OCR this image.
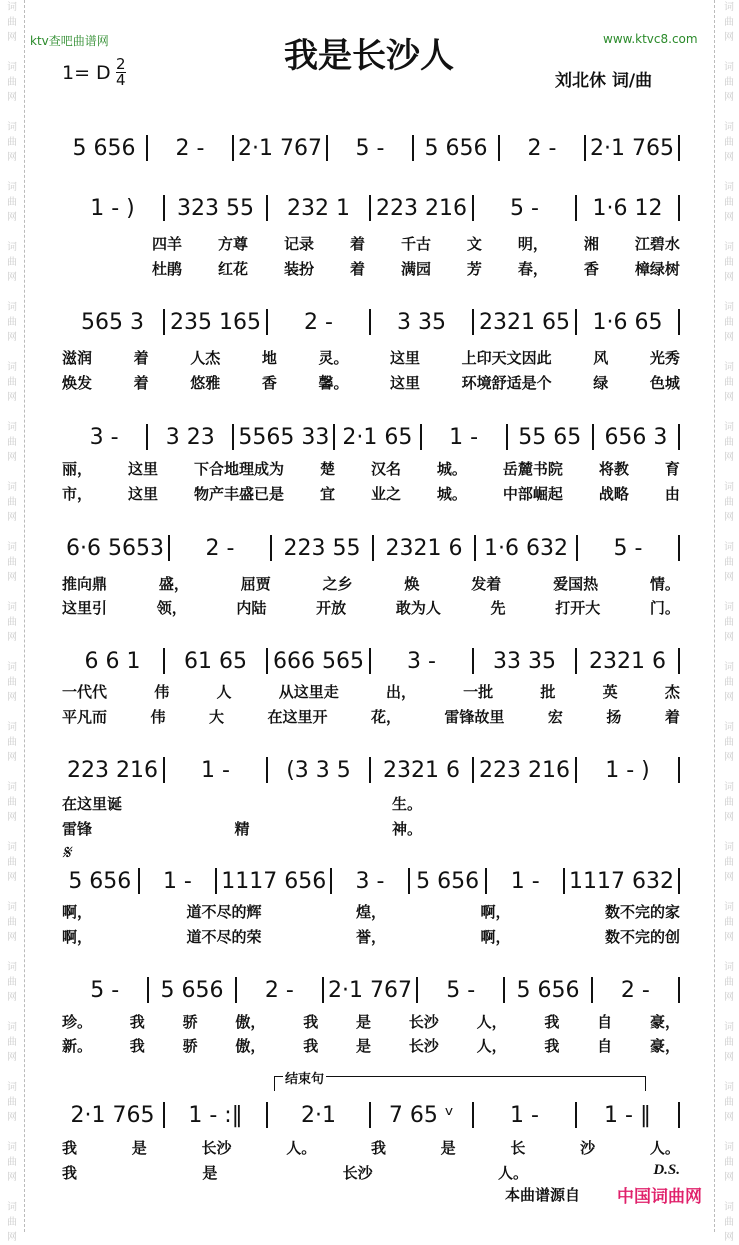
词
曲
网
词
曲
网
词
曲
网
词
曲
网
词
曲
网
词
曲
网
词
曲
网
词
曲
网
词
曲
网
词
曲
网
词
曲
网
词
曲
网
词
曲
网
词
曲
网
词
曲
网
词
曲
网
词
曲
网
词
曲
网
词
曲
网
词
曲
网
词
曲
网
词
曲
网
词
曲
网
词
曲
网
词
曲
网
词
曲
网
词
曲
网
词
曲
网
词
曲
网
词
曲
网
词
曲
网
词
曲
网
词
曲
网
词
曲
网
词
曲
网
词
曲
网
词
曲
网
词
曲
网
词
曲
网
词
曲
网
词
曲
网
词
曲
网
ktv查吧曲谱网	www.ktvc8.com
我是长沙人
1= D 2
4	刘北休 词/曲
𝄋
结束句
本曲谱源自 中国词曲网
5 656	2 -	2·1 767	5 -	5 656	2 -	2·1 765
1 - )	323 55	232 1	223 216	5 -	1·6 12
四羊 方尊 记录 着 千古 文 明， 湘 江碧水
杜鹃 红花 装扮 着 满园 芳 春， 香 樟绿树
565 3	235 165	2 -	3 35	2321 65	1·6 65
滋润	着	人杰	地	灵。	这里	上印天文因此	风	光秀
焕发	着	悠雅	香	馨。	这里	环境舒适是个	绿	色城
3 -	3 23	5565 33 2·1 65	1 -	55 65	656 3
丽， 这里 下合地理成为 楚 汉名 城。 岳麓书院 将教 育
市， 这里 物产丰盛已是 宜 业之 城。 中部崛起 战略 由
6·6 5653	2 -	223 55	2321 6 1·6 632	5 -
推向鼎	盛，	屈贾	之乡	焕	发着	爱国热	情。
这里引	领，	内陆	开放	敢为人	先	打开大	门。
6 6 1	61 65	666 565	3 -	33 35	2321 6
一代代	伟	人	从这里走	出，	一批	批	英	杰
平凡而	伟	大	在这里开	花，	雷锋故里	宏	扬	着
223 216	1 -	(3 3 5	2321 6 223 216	1 - )
在这里诞	生。
雷锋	精	神。
5 656	1 -	1117 656	3 -	5 656	1 -	1117 632
啊，	道不尽的辉	煌，	啊，	数不完的家
啊，	道不尽的荣	誉，	啊，	数不完的创
5 -	5 656	2 -	2·1 767	5 -	5 656	2 -
珍。	我	骄	傲，	我	是	长沙	人，	我	自	豪，
新。	我	骄	傲，	我	是	长沙	人，	我	自	豪，
2·1 765	1 - :‖	2·1	7 65 ᵛ	1 -	1 - ‖
我	是	长沙	人。	我	是	长	沙	人。
我	是	长沙	人。	D.S.
